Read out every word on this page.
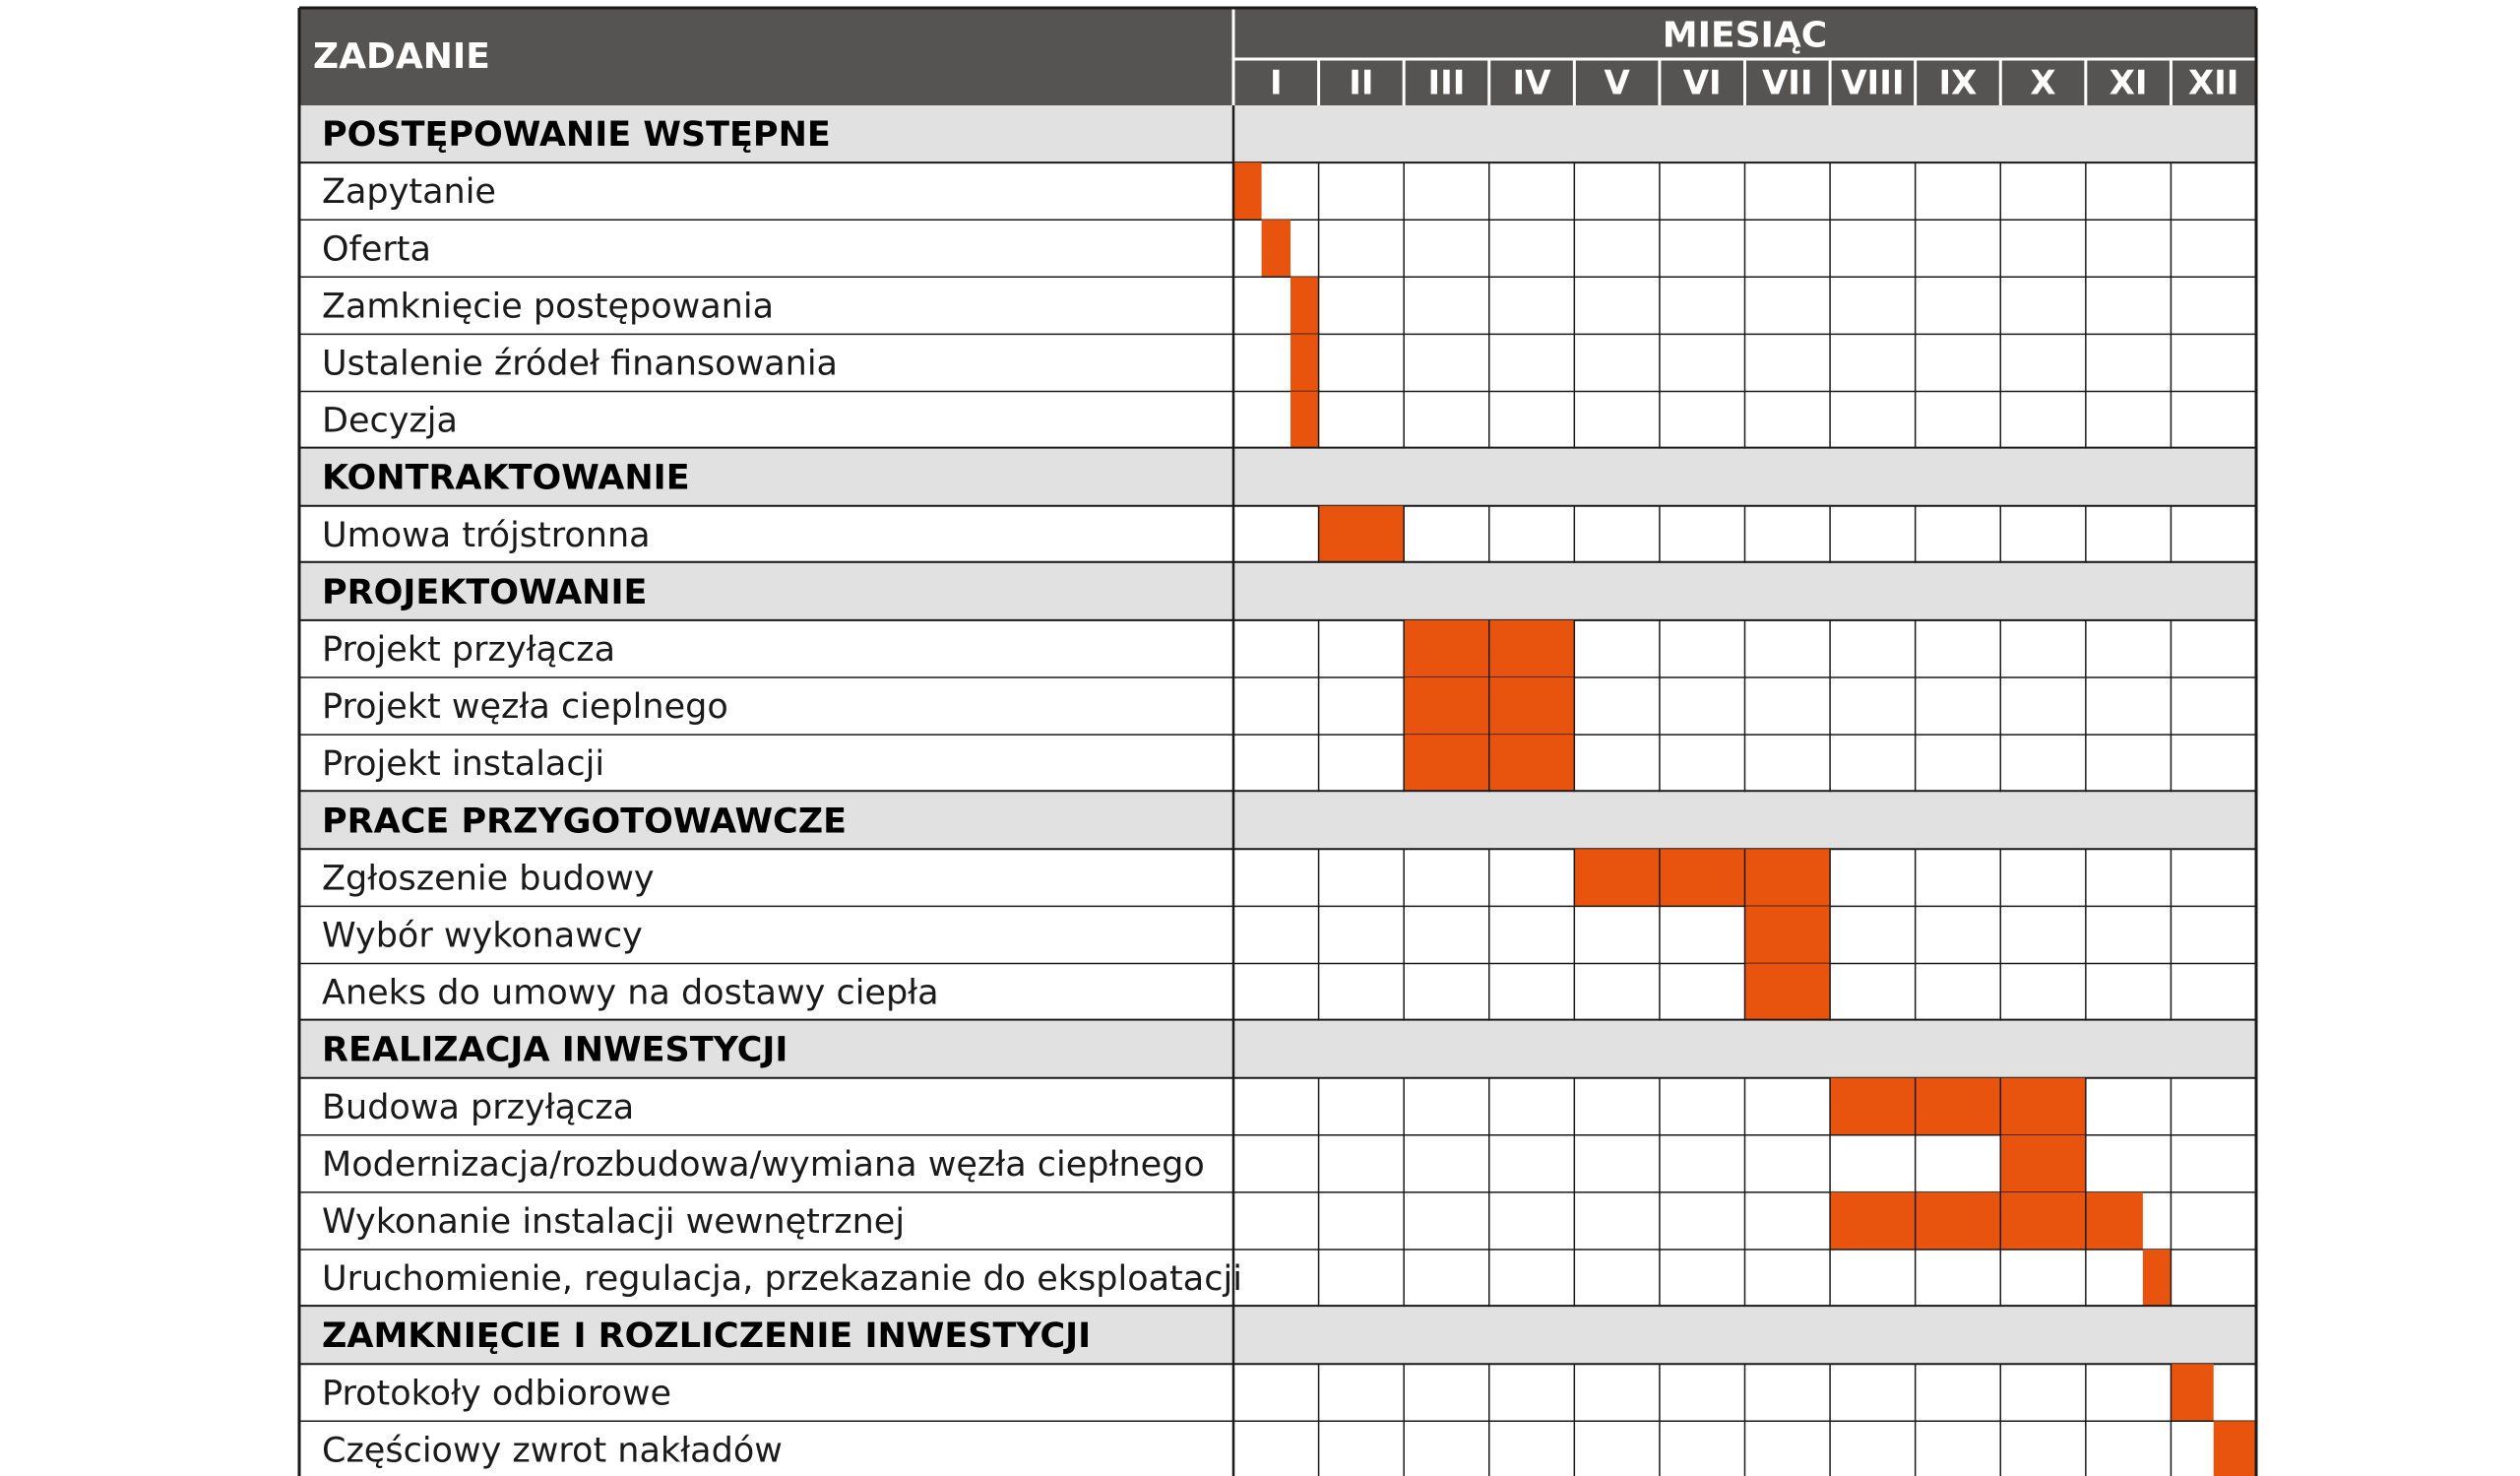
ZADANIE
MIESIĄC
I II III IV V VI VII VIII IX X XI XII
POSTĘPOWANIE WSTĘPNE
Zapytanie
Oferta
Zamknięcie postępowania
Ustalenie źródeł finansowania
Decyzja
KONTRAKTOWANIE
Umowa trójstronna
PROJEKTOWANIE
Projekt przyłącza
Projekt węzła cieplnego
Projekt instalacji
PRACE PRZYGOTOWAWCZE
Zgłoszenie budowy
Wybór wykonawcy
Aneks do umowy na dostawy ciepła
REALIZACJA INWESTYCJI
Budowa przyłącza
Modernizacja/rozbudowa/wymiana węzła ciepłnego
Wykonanie instalacji wewnętrznej
Uruchomienie, regulacja, przekazanie do eksploatacji
ZAMKNIĘCIE I ROZLICZENIE INWESTYCJI
Protokoły odbiorowe
Częściowy zwrot nakładów
